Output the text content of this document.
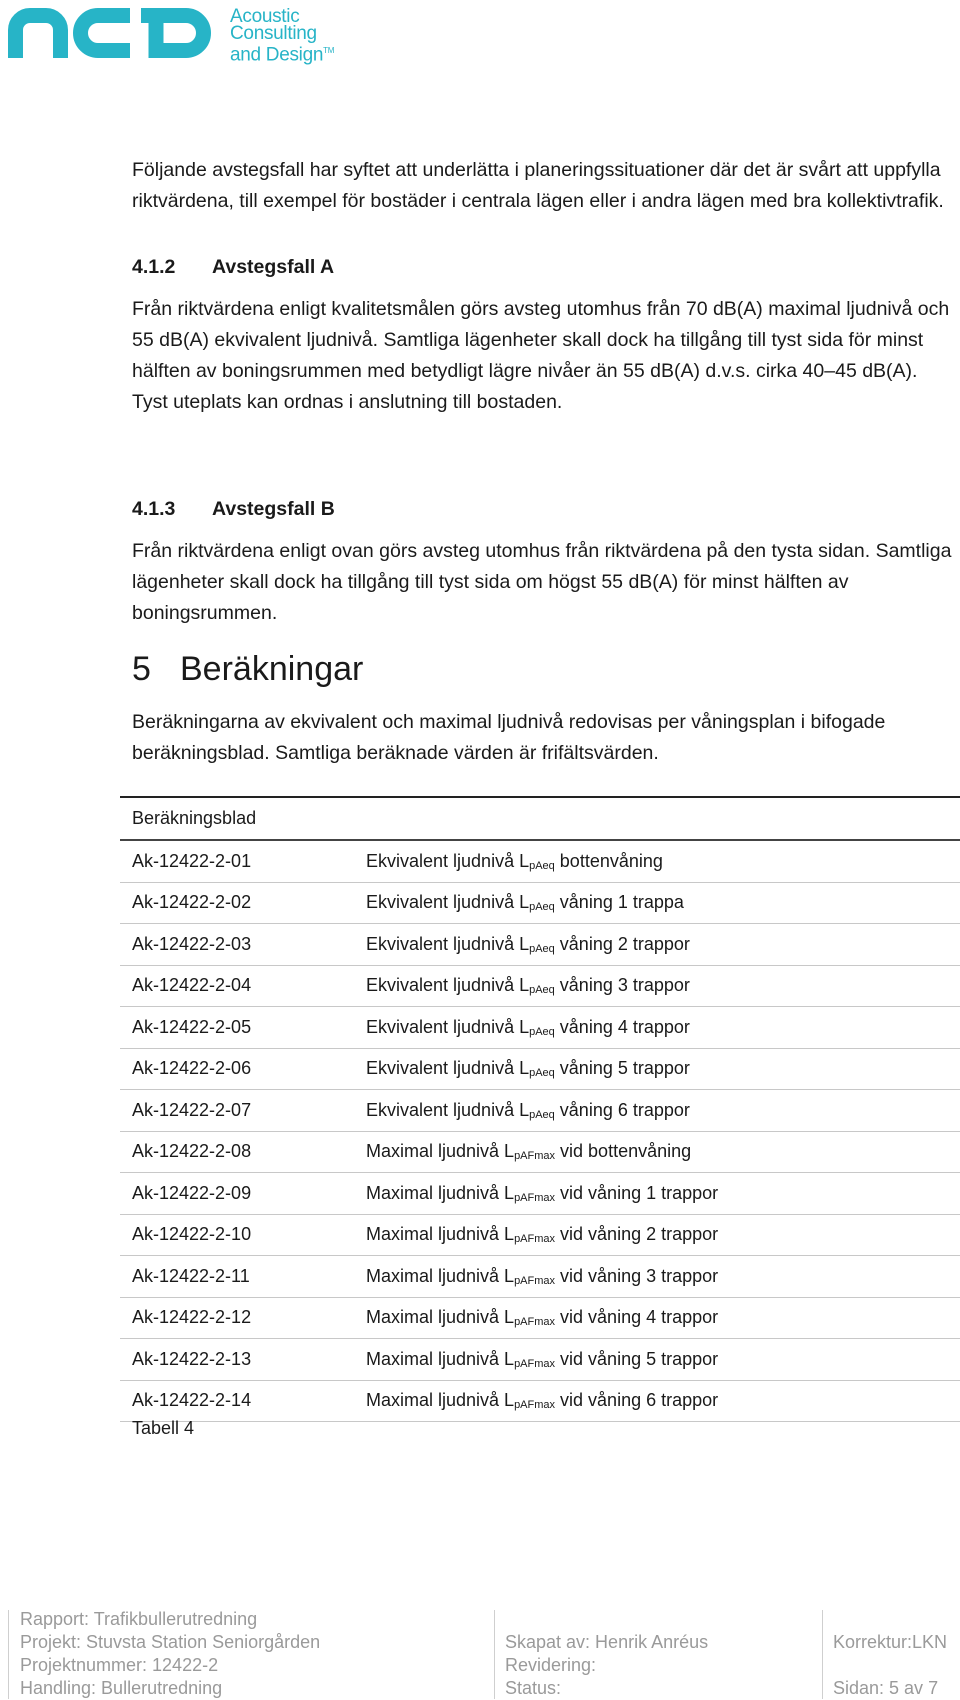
Acoustic
Consulting
and Design™

Följande avstegsfall har syftet att underlätta i planeringssituationer där det är svårt att uppfylla riktvärdena, till exempel för bostäder i centrala lägen eller i andra lägen med bra kollektivtrafik.

4.1.2 Avstegsfall A

Från riktvärdena enligt kvalitetsmålen görs avsteg utomhus från 70 dB(A) maximal ljudnivå och 55 dB(A) ekvivalent ljudnivå. Samtliga lägenheter skall dock ha tillgång till tyst sida för minst hälften av boningsrummen med betydligt lägre nivåer än 55 dB(A) d.v.s. cirka 40–45 dB(A). Tyst uteplats kan ordnas i anslutning till bostaden.

4.1.3 Avstegsfall B

Från riktvärdena enligt ovan görs avsteg utomhus från riktvärdena på den tysta sidan. Samtliga lägenheter skall dock ha tillgång till tyst sida om högst 55 dB(A) för minst hälften av boningsrummen.

5 Beräkningar

Beräkningarna av ekvivalent och maximal ljudnivå redovisas per våningsplan i bifogade beräkningsblad. Samtliga beräknade värden är frifältsvärden.

Beräkningsblad	
Ak-12422-2-01	Ekvivalent ljudnivå $L_{pAeq}$ bottenvåning
Ak-12422-2-02	Ekvivalent ljudnivå $L_{pAeq}$ våning 1 trappa
Ak-12422-2-03	Ekvivalent ljudnivå $L_{pAeq}$ våning 2 trappor
Ak-12422-2-04	Ekvivalent ljudnivå $L_{pAeq}$ våning 3 trappor
Ak-12422-2-05	Ekvivalent ljudnivå $L_{pAeq}$ våning 4 trappor
Ak-12422-2-06	Ekvivalent ljudnivå $L_{pAeq}$ våning 5 trappor
Ak-12422-2-07	Ekvivalent ljudnivå $L_{pAeq}$ våning 6 trappor
Ak-12422-2-08	Maximal ljudnivå $L_{pAFmax}$ vid bottenvåning
Ak-12422-2-09	Maximal ljudnivå $L_{pAFmax}$ vid våning 1 trappor
Ak-12422-2-10	Maximal ljudnivå $L_{pAFmax}$ vid våning 2 trappor
Ak-12422-2-11	Maximal ljudnivå $L_{pAFmax}$ vid våning 3 trappor
Ak-12422-2-12	Maximal ljudnivå $L_{pAFmax}$ vid våning 4 trappor
Ak-12422-2-13	Maximal ljudnivå $L_{pAFmax}$ vid våning 5 trappor
Ak-12422-2-14	Maximal ljudnivå $L_{pAFmax}$ vid våning 6 trappor
Tabell 4
Rapport: Trafikbullerutredning
Projekt: Stuvsta Station Seniorgården
Projektnummer: 12422-2
Handling: Bullerutredning

Skapat av: Henrik Anréus
Revidering:
Status:

Korrektur:LKN

Sidan: 5 av 7
